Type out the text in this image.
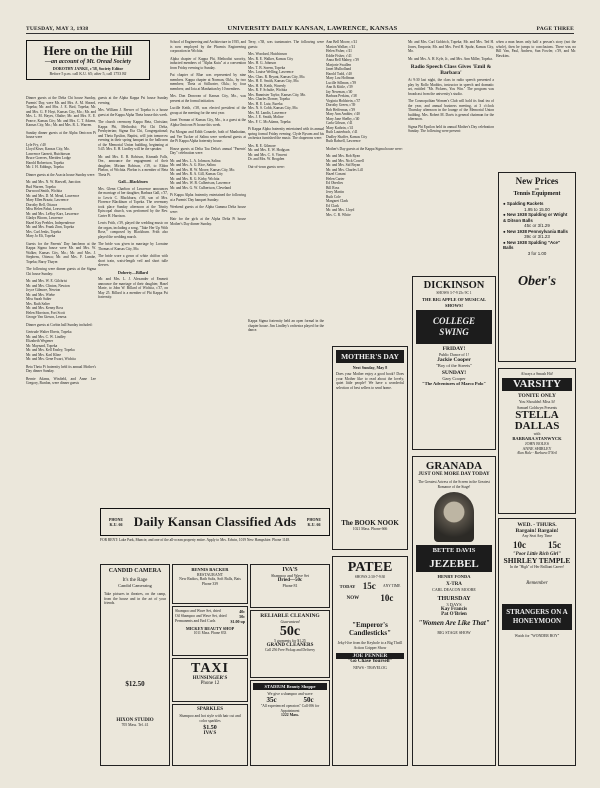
TUESDAY, MAY 3, 1938	UNIVERSITY DAILY KANSAN, LAWRENCE, KANSAS	PAGE THREE
Here on the Hill
—an account of Mt. Oread Society
DOROTHY JANKE, c'38, Society Editor
Before 5 p.m. call K.U. 65; after 5, call 1753 RJ

Dinner guests at the Delta Chi house Sunday, Parents' Day, were Mr. and Mrs. A. M. Sheard, Topeka; Mr. and Mrs. J. E. Bird, Topeka; Mr. and Mrs. G. P. Hoyt, Kansas City, Mo.; Mr. and Mrs. L. M. Hayes, Olathe; Mr. and Mrs. E. E. Pearce, Kansas City; Mr. and Mrs. C. T. Adams, Kansas City, Mo.; Mr. and Mrs. R. L. Warren.

Sunday dinner guests at the Alpha Omicron Pi house were

Lyle Fry, c'40
Lloyd Kiser, Kansas City, Mo.
Lawrence Garnett, Hutchinson
Bruce Goerres, Meriden Lodge
Harold Robertson, Topeka
Mr. J. H. Eddings, Topeka

Dinner guests at the Acacia house Sunday were:

Mr. and Mrs. N. W. Harwell, Junction
Bud Warren, Topeka
Durwood Smith, Wichita
Mr. and Mrs. D. M. Mead, Lawrence
Mary Ellen Braatz, Lawrence
Dorothy Bell, Ottawa
Miss Helen Pabst, Leavenworth
Mr. and Mrs. LeRoy Karr, Lawrence
Gladys Bloom, Lawrence
Hazel Kay Peebles, Independence
Mr. and Mrs. Frank Zinn, Topeka
Mrs. Carl Jenks, Topeka
Mary Jo Eli, Topeka

Guests for the Parents' Day luncheon at the Kappa Sigma house were Mr. and Mrs. W. Walker, Kansas City, Mo.; Mr. and Mrs. J. Stephens, Ottawa; Mr. and Mrs. F. Lumbe, Topeka; Barry Thayer.

The following were dinner guests at the Sigma Chi house Sunday:

Mr. and Mrs. W. E. Gilchrist
Mr. and Mrs. Clinton, Newton
Joyce Gilmore, Newton
Mr. and Mrs. Wiebe
Miss Sarah Salter
Mrs. Ruth Salter
Mr. and Mrs. Kenny Ross
Helen Morrison, Fort Scott
George Van Gieson, Lenexa

Dinner guests at Corbin hall Sunday included:

Gertrude Walter Eberts, Topeka
Mr. and Mrs. C. W. Lindley
Elizabeth Wegener
Mr. Maynard, Topeka
Mr. and Mrs. Kell Ensley, Topeka
Mr. and Mrs. Karl Kline
Mr. and Mrs. Gene Ewart, Wichita

Beta Theta Pi fraternity held its annual Mother's Day dinner Sunday.

Bernie Adams, Winfield, and Anne Lee Gregory, Burdon, were dinner guests

guests at the Alpha Kappa Psi house Sunday evening.

Mrs. William J. Brewer of Topeka is a house guest at the Kappa Alpha Theta house this week.

The church ceremony Kappa Beta, Christian; Kappa Phi, Methodist; Phi Chi Delta, Presbyterian; Sigma Eta Chi, Congregational; and Theta Epsilon, Baptist, will join tomorrow evening in their spring banquet in the ballroom of the Memorial Union building, beginning at 5:45. Mrs. E. H. Lindley will be the speaker.

Mr. and Mrs. E. B. Robison, Kismath Falls, Ore., announce the engagement of their daughter, Miriam Robison, c'39, to Eldon Phelon, of Wichita. Phelon is a member of Beta Theta Pi.

Gall—Blackburn

Mrs. Glenn Charlton of Lawrence announces the marriage of her daughter, Barbara Gall, c'37, to Lewis C. Blackburn, c'38, son of Mrs. Florence Blackburn of Topeka. The ceremony took place Sunday afternoon at the Trinity Episcopal church, was performed by the Rev. Carter H. Harrison.

Lewis Frith, c'39, played the wedding music on the organ, including a song, "Take Her Up With Rose," composed by Blackburn. Frith also played the wedding march.

The bride was given in marriage by Lorraine Thomas of Kansas City, Mo.

The bride wore a gown of white chiffon with short train, waist-length veil and short tulle sleeves.

Doherty—Billard

Mr. and Mrs. L. J. Alexander of Emmett announce the marriage of their daughter, Hazel Marie, to John W. Billard of Wichita, c'37, on May 25. Billard is a member of Phi Kappa Psi fraternity.

School of Engineering and Architecture in 1935, and is now employed by the Phoenix Engineering corporation in Wichita.

Alpha chapter of Kappa Phi, Methodist sorority, inducted members of "Alpha Kuiu" at a convention from Friday evening to Sunday.

Pat chapter of Blue was represented by nine members. Kappa chapter at Norman, Okla., by two members; Theta at Stillwater, Okla.; by four members; and Iota at Manhattan by 10 members.

Mrs. Don Donovan of Kansas City, Mo., was present at the formal initiation.

Lucille Keith, c'38, was elected president of the group at the meeting for the next year.

Janet Yeoman of Kansas City, Mo., is a guest at the Alpha Omicron Pi house this week.

Pat Morgan and Edith Conarde, both of Manhattan, and Vee Tucker of Salina were weekend guests at the Pi Kappa Alpha fraternity house.

House guests at Delta Tau Delta's annual "Parents' Day" celebration were:

Mr. and Mrs. L. A. Johnson, Salina
Mr. and Mrs. A. G. Rice, Salina
Mr. and Mrs. H. W. Moore, Kansas City, Mo.
Mr. and Mrs. R. A. Gill, Kansas City
Mr. and Mrs. R. G. Kirby, Wichita
Mr. and Mrs. W. B. Culbertson, Lawrence
Mr. and Mrs. G. W. Culbertson, Cleveland

Pi Kappa Alpha fraternity entertained the following at a Parents' Day banquet Sunday:

Weekend guests at the Alpha Gamma Delta house were:

Hair for the girls at the Alpha Delta Pi house Mother's Day dinner Sunday.

Terry, c'38, was toastmaster. The following were guests:

Mrs. Woodard, Hutchinson
Mrs. R. E. Walker, Kansas City
Mrs. H. G. Johnson
Mrs. T. B. Sorem, Topeka
Mrs. Louise Welling, Lawrence
Mrs. Chas. R. Bryant, Kansas City, Mo.
Mrs. H. E. Smith, Kansas City, Mo.
Mrs. H. B. Keith, Waverly
Mrs. R. F. Schulte, Wichita
Mrs. Bannister Taylor, Kansas City, Mo.
Mrs. Charles Dorner, Topeka
Mrs. H. E. Lutz, Eureka
Mrs. N. S. Cobb, Kansas City, Mo.
Mrs. M. Landis, Lawrence
Mrs. J. E. Smith, Moline
Mrs. F. C. McAdams, Topeka

Pi Kappa Alpha fraternity entertained with its annual spring formal Friday evening. Clyde Bysom and his orchestra furnished the music. The chaperons were:

Mrs. R. E. Gilmore
Mr. and Mrs. E. W. Hodgson
Mr. and Mrs. C. S. Vincent
Dr. and Mrs. W. Brogden

Out-of-town guests were:

Kappa Sigma fraternity held an open formal in the chapter house. Jim Lindley's orchestra played for the dance.

Ann Bell Moore, c'41
Marion Walker, c'41
Helen Fisher, c'41
Eddie Fisher, c'41
Anna Bell Mahey, c'39
Marjorie Swallen
Janet Mulholland
Harold Todd, c'40
Mary Lou Hoffman
Lucille Sillmon, c'39
Ann & Kittle, c'39
Jay Newman, c'40
Barbara Perkins, c'38
Virginia Hohlstein, c'37
Dorothy Green, c'39
Bob Heffernan, c'39
Mary Ann Ambler, c'40
Mary Jane Shelby, c'40
Carla Gibson, c'41
Mary Kathrin, c'41
Ruth Lauterbach, c'41
Dudley Shaffer, Kansas City
Ruth Rabsell, Lawrence

Mother's Day guests at the Kappa Sigma house were:

Mr. and Mrs. Bob Ryan
Mr. and Mrs. Nick Cowell
Mr. and Mrs. Sid Bryan
Mr. and Mrs. Charles Lill
Hazel Conant
Helen Carter
Ed Oberlies
Bill Ross
Jerry Martin
Ruth Cole
Margaret Clark
Ed Clark
Mr. and Mrs. Lloyd
Mrs. C. R. White

Mr. and Mrs. Carl Goldrich, Topeka; Mr. and Mrs. Ted H. Jones, Emporia; Mr. and Mrs. Fred H. Spahr, Kansas City, Mo.

Mr. and Mrs. A. H. Kyle, Jr., and Mrs. Ann Miller, Topeka.

Radio Speech Class Gives 'Emil & Barbara'

At 9:30 last night, the class in radio speech presented a play by Rollo Maddox, instructor in speech and dramatic art, entitled "Mr. Pickens, You Win." The program was broadcast from the university's studio.

The Cosmopolitan Women's Club will hold its final tea of the year, and annual business meeting, at 3 o'clock Thursday afternoon in the lounge of the Memorial Union building. Mrs. Robert M. Davis is general chairman for the afternoon.

Sigma Phi Epsilon held its annual Mother's Day celebration Sunday. The following were present:

when a man hears only half a person's story (not the whole), then he jumps to conclusions. There was no Bill Van, Paul, Andrew, Sun Fowler, c'39, and Mr. Hawkins.

New Prices
on
Tennis Equipment
● Spalding Rackets
1.95 to 15.00
● New 1938 Spalding or Wright & Ditson Balls
45c or 3/1.29
● New 1938 Pennsylvania Balls
39c or 3/1.23
● New 1938 Spalding "Ace" Balls
3 for 1.00
Ober's
Always a Smash Hit!
VARSITY
TONITE ONLY
You Shouldn't Miss It!
Samuel Goldwyn Presents
STELLA DALLAS
with
BARBARA STANWYCK
JOHN BOLES
ANNE SHIRLEY
Alan Hale - Barbara O'Neil
WED. - THURS.
Bargain! Bargain!
Any Seat Any Time
10c 15c
"Poor Little Rich Girl"
SHIRLEY TEMPLE
In the "High" of Her Brilliant Career!
Remember
STRANGERS ON A HONEYMOON
Watch for "WONDER BOY"
DICKINSON
SHOWS 3-7-9 25c 9C 1
THE BIG APPLE OF MUSICAL SHOWS!
COLLEGE SWING
FRIDAY!
Public Dance of 1!
Jackie Cooper
"Boy of the Streets"
SUNDAY!
Gary Cooper
"The Adventures of Marco Polo"
GRANADA
JUST ONE MORE DAY TODAY
The Greatest Actress of the Screen in the Greatest Romance of the Stage!
BETTE DAVIS
JEZEBEL
HENRY FONDA
X-TRA
CARL DEACON MOORE
THURSDAY
3 DAYS
Kay Francis
Pat O'Brien
"Women Are Like That"
BIG STAGE SHOW
MOTHER'S DAY
Next Sunday, May 8
Does your Mother enjoy a good book? Does your Mother like to read about the lovely, quiet little people? We have a wonderful selection of best sellers to send home.
The BOOK NOOK
1021 Mass. Phone 666
PATEE
SHOWS 2:30-7-9:30
TODAY 15c ANY TIME
NOW 10c
"Emperor's Candlesticks"
Jekyl-Joe from the Keyhole to a Big Thrill Action Gripper Show
JOE PENNER
"Go Chase Yourself"
NEWS - TRAVELOG
PHONE K.U. 66 Daily Kansan Classified Ads	PHONE K.U. 66

FOR RENT: Lake Park, Muncie, and one of the all-ocean property entire. Apply to Mrs. Edwin, 1019 New Hampshire. Phone 1148.

CANDID CAMERA
It's the Rage
Candid Cameraing
Take pictures in theatres, on the camp, from the house and in the art of your friends.
$12.50
HIXON STUDIO
705 Mass. Tel. 41
BENNIS BACKER
RESTAURANT
New Radios, Bath Salts, Soft Balls, Bats
Phone 339
Shampoo and Wave Set, dried	40c
Oil Shampoo and Wave Set, dried	50c
Permanents and End Curls	$1.00 up
MICKEY BEAUTY SHOP
1011 Mass. Phone 833
TAXI
HUNSINGER'S
Phone 12
SPARKLES
Shampoo and hot style with hair cut and color sparkles
$1.50
IVA'S
IVA'S
Shampoo and Wave Set
Dried—50c
Phone 81
RELIABLE CLEANING
Guaranteed
50c
5 garments for $1.25
GRAND CLEANERS
Call 256 Free Pickup and Delivery
STADIUM Beauty Shoppe
We give a shampoo and wave
35c	50c
"All experienced operators" Call 696 for Appointment
1222 Mass.
